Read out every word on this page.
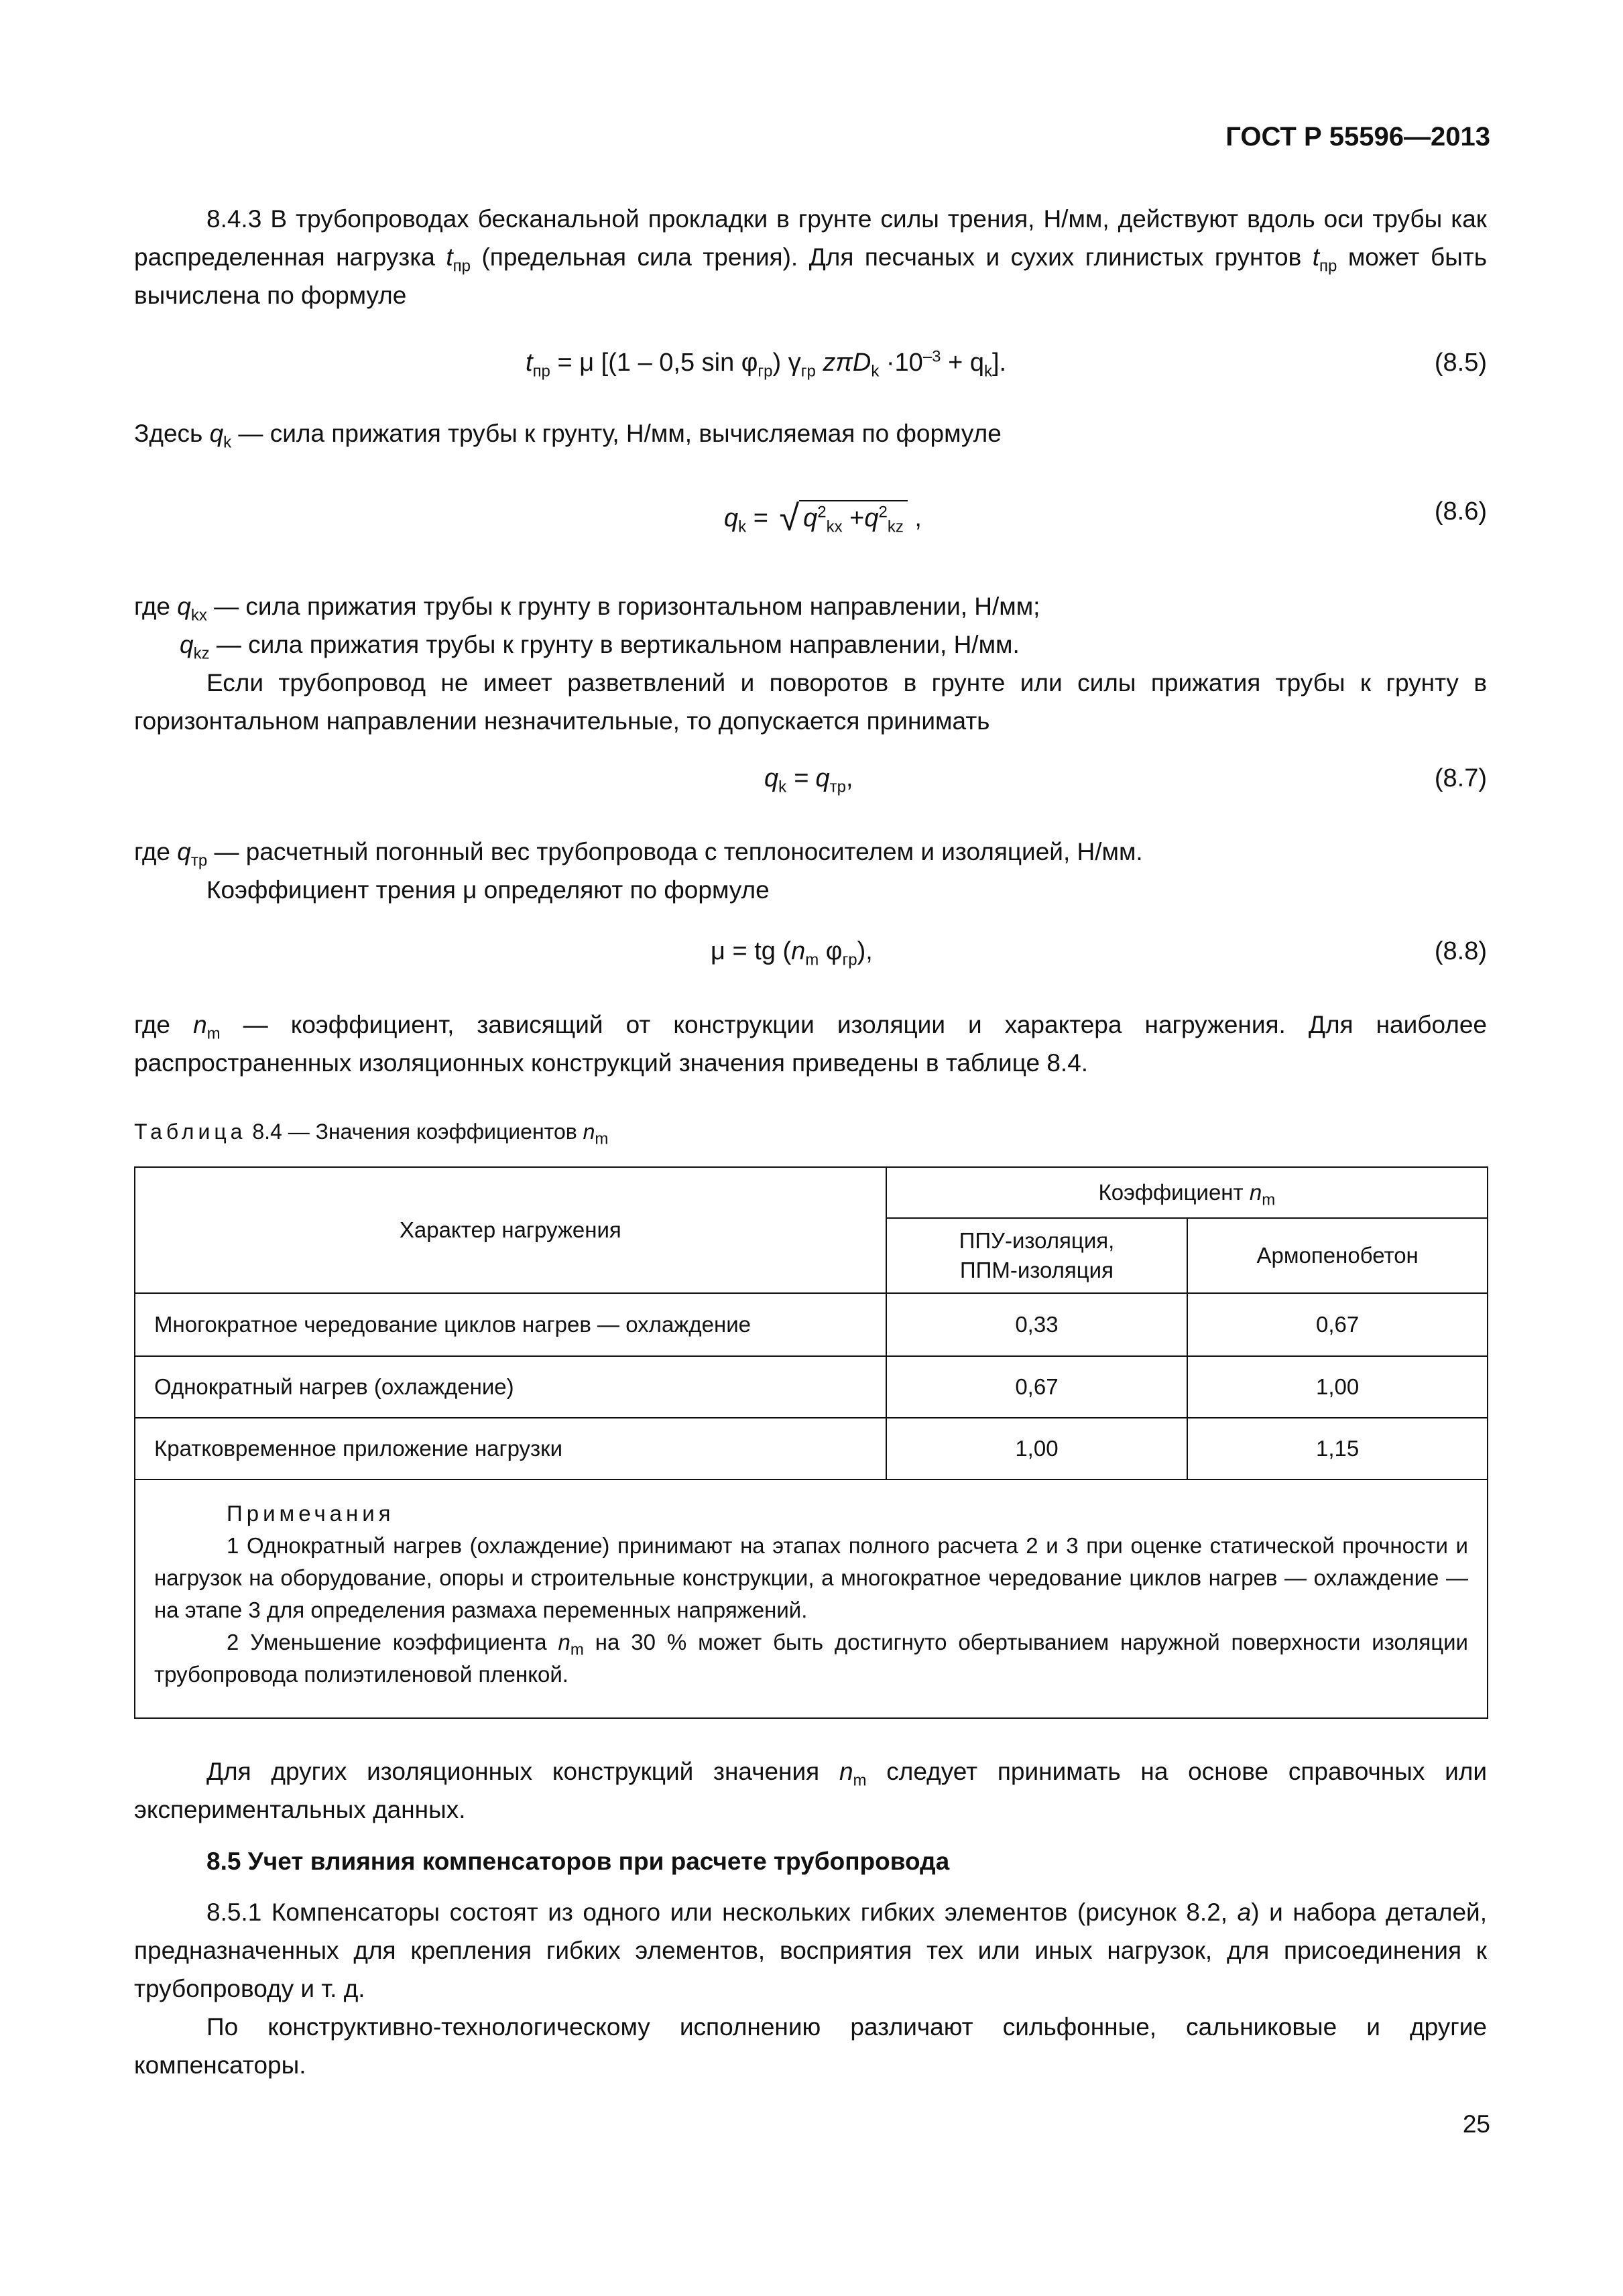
ГОСТ Р 55596—2013

8.4.3 В трубопроводах бесканальной прокладки в грунте силы трения, Н/мм, действуют вдоль оси трубы как распределенная нагрузка $t_{пр}$ (предельная сила трения). Для песчаных и сухих глинистых грунтов $t_{пр}$ может быть вычислена по формуле

$t_{пр} = \mu$ [(1 – 0,5 $\sin \varphi_{гр}$) $\gamma_{гр}$ $z\pi D_k \cdot 10^{-3} + q_k$].	(8.5)

Здесь $q_k$ — сила прижатия трубы к грунту, Н/мм, вычисляемая по формуле

$q_k$ = √ $q^2_{kx} +q^2_{kz}$ ,	(8.6)

где $q_{kx}$ — сила прижатия трубы к грунту в горизонтальном направлении, Н/мм;

$q_{kz}$ — сила прижатия трубы к грунту в вертикальном направлении, Н/мм.

Если трубопровод не имеет разветвлений и поворотов в грунте или силы прижатия трубы к грунту в горизонтальном направлении незначительные, то допускается принимать

$q_k = q_{тр}$,	(8.7)

где $q_{тр}$ — расчетный погонный вес трубопровода с теплоносителем и изоляцией, Н/мм.

Коэффициент трения μ определяют по формуле

μ = tg ($n_m$ $\varphi_{гр}$),	(8.8)

где $n_m$ — коэффициент, зависящий от конструкции изоляции и характера нагружения. Для наиболее распространенных изоляционных конструкций значения приведены в таблице 8.4.

Таблица 8.4 — Значения коэффициентов $n_m$
Характер нагружения	Коэффициент $n_m$

	ППУ-изоляция,
ППМ-изоляция	Армопенобетон
Многократное чередование циклов нагрев — охлаждение	0,33	0,67
Однократный нагрев (охлаждение)	0,67	1,00
Кратковременное приложение нагрузки	1,00	1,15

Примечания

1 Однократный нагрев (охлаждение) принимают на этапах полного расчета 2 и 3 при оценке статической прочности и нагрузок на оборудование, опоры и строительные конструкции, а многократное чередование циклов нагрев — охлаждение — на этапе 3 для определения размаха переменных напряжений.

2 Уменьшение коэффициента $n_m$ на 30 % может быть достигнуто обертыванием наружной поверхности изоляции трубопровода полиэтиленовой пленкой.		

Для других изоляционных конструкций значения $n_m$ следует принимать на основе справочных или экспериментальных данных.

8.5 Учет влияния компенсаторов при расчете трубопровода

8.5.1 Компенсаторы состоят из одного или нескольких гибких элементов (рисунок 8.2, а) и набора деталей, предназначенных для крепления гибких элементов, восприятия тех или иных нагрузок, для присоединения к трубопроводу и т. д.

По конструктивно-технологическому исполнению различают сильфонные, сальниковые и другие компенсаторы.

25
